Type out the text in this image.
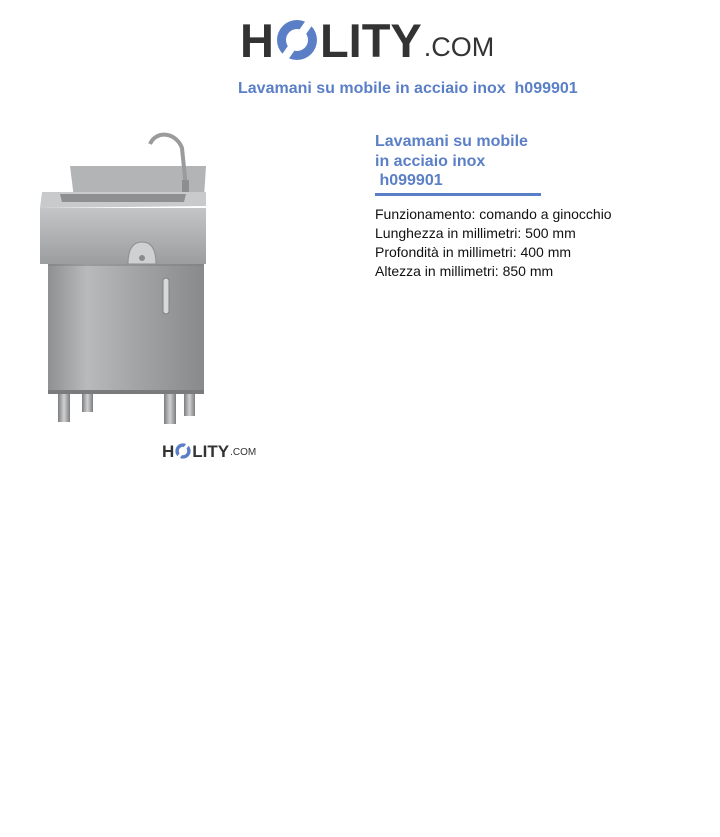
H LITY .COM
Lavamani su mobile in acciaio inox  h099901
H LITY .COM
Lavamani su mobile
in acciaio inox
h099901
Funzionamento: comando a ginocchio
Lunghezza in millimetri: 500 mm
Profondità in millimetri: 400 mm
Altezza in millimetri: 850 mm
